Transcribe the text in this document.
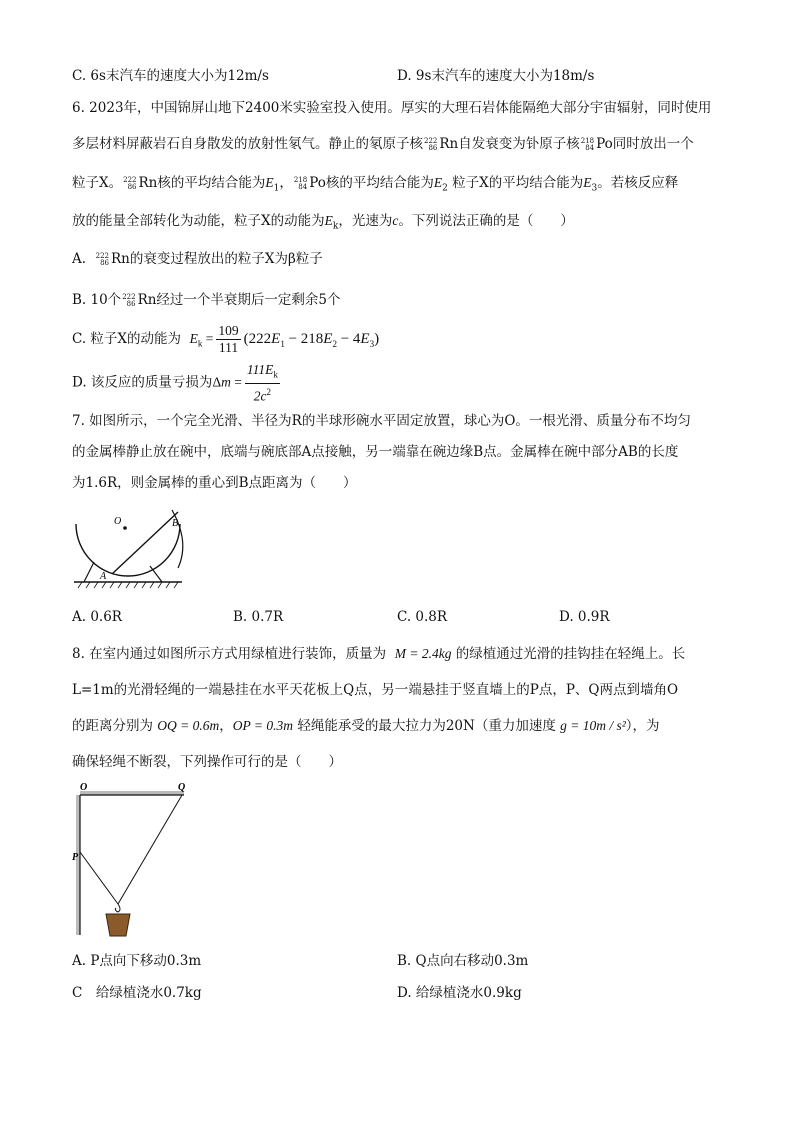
C. 6s末汽车的速度大小为12m/s	D. 9s末汽车的速度大小为18m/s
6. 2023年，中国锦屏山地下2400米实验室投入使用。厚实的大理石岩体能隔绝大部分宇宙辐射，同时使用
多层材料屏蔽岩石自身散发的放射性氡气。静止的氡原子核 222
86 Rn自发衰变为钋原子核 218
84 Po同时放出一个
粒子X。 222
86 Rn核的平均结合能为$E_1$， 218
84 Po核的平均结合能为$E_2$ 粒子X的平均结合能为$E_3$。若核反应释
放的能量全部转化为动能，粒子X的动能为$E_k$，光速为c。下列说法正确的是（　　）
A. 222
86 Rn的衰变过程放出的粒子X为β粒子
B. 10个 222
86 Rn经过一个半衰期后一定剩余5个
C. 粒子X的动能为 $E_k = \frac{109}{111} (222E_1 - 218E_2 - 4E_3)$
D. 该反应的质量亏损为$\Delta m = \frac{111E_k}{2c^2}$
7. 如图所示，一个完全光滑、半径为R的半球形碗水平固定放置，球心为O。一根光滑、质量分布不均匀
的金属棒静止放在碗中，底端与碗底部A点接触，另一端靠在碗边缘B点。金属棒在碗中部分AB的长度
为1.6R，则金属棒的重心到B点距离为（　　）
O	B
A
A. 0.6R	B. 0.7R	C. 0.8R	D. 0.9R
8. 在室内通过如图所示方式用绿植进行装饰，质量为 M = 2.4kg 的绿植通过光滑的挂钩挂在轻绳上。长
L=1m的光滑轻绳的一端悬挂在水平天花板上Q点，另一端悬挂于竖直墙上的P点，P、Q两点到墙角O
的距离分别为 OQ = 0.6m，OP = 0.3m 轻绳能承受的最大拉力为20N（重力加速度 g = 10m / s²），为
确保轻绳不断裂，下列操作可行的是（　　）
O	Q
P
A. P点向下移动0.3m	B. Q点向右移动0.3m
C　给绿植浇水0.7kg	D. 给绿植浇水0.9kg
